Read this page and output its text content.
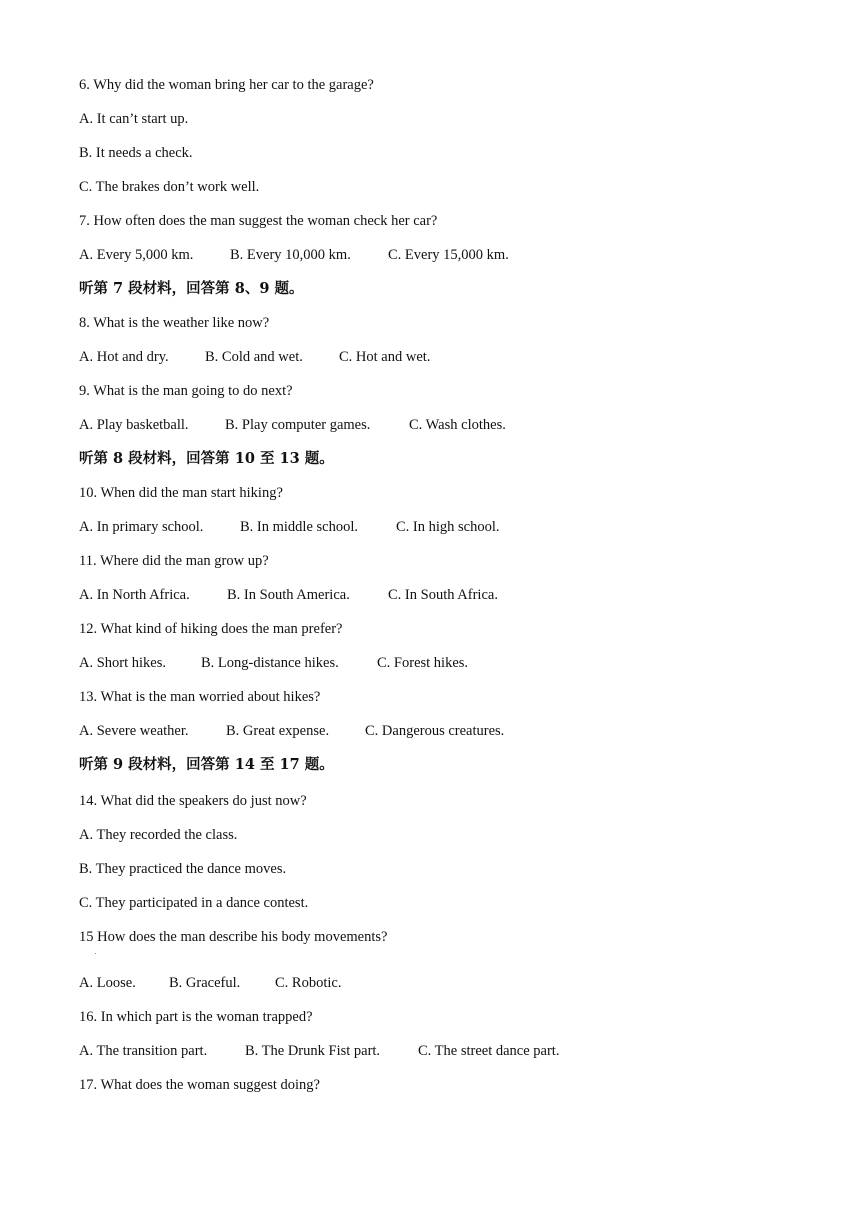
6. Why did the woman bring her car to the garage?
A. It can’t start up.
B. It needs a check.
C. The brakes don’t work well.
7. How often does the man suggest the woman check her car?
A. Every 5,000 km.	B. Every 10,000 km.	C. Every 15,000 km.
听第 7 段材料，回答第 8、9 题。
8. What is the weather like now?
A. Hot and dry.	B. Cold and wet. C. Hot and wet.
9. What is the man going to do next?
A. Play basketball.	B. Play computer games.	C. Wash clothes.
听第 8 段材料，回答第 10 至 13 题。
10. When did the man start hiking?
A. In primary school.	B. In middle school.	C. In high school.
11. Where did the man grow up?
A. In North Africa.	B. In South America.	C. In South Africa.
12. What kind of hiking does the man prefer?
A. Short hikes. B. Long-distance hikes.	C. Forest hikes.
13. What is the man worried about hikes?
A. Severe weather.	B. Great expense. C. Dangerous creatures.
听第 9 段材料，回答第 14 至 17 题。
14. What did the speakers do just now?
A. They recorded the class.
B. They practiced the dance moves.
C. They participated in a dance contest.
15 How does the man describe his body movements?
A. Loose. B. Graceful. C. Robotic.
16. In which part is the woman trapped?
A. The transition part.	B. The Drunk Fist part.	C. The street dance part.
17. What does the woman suggest doing?
